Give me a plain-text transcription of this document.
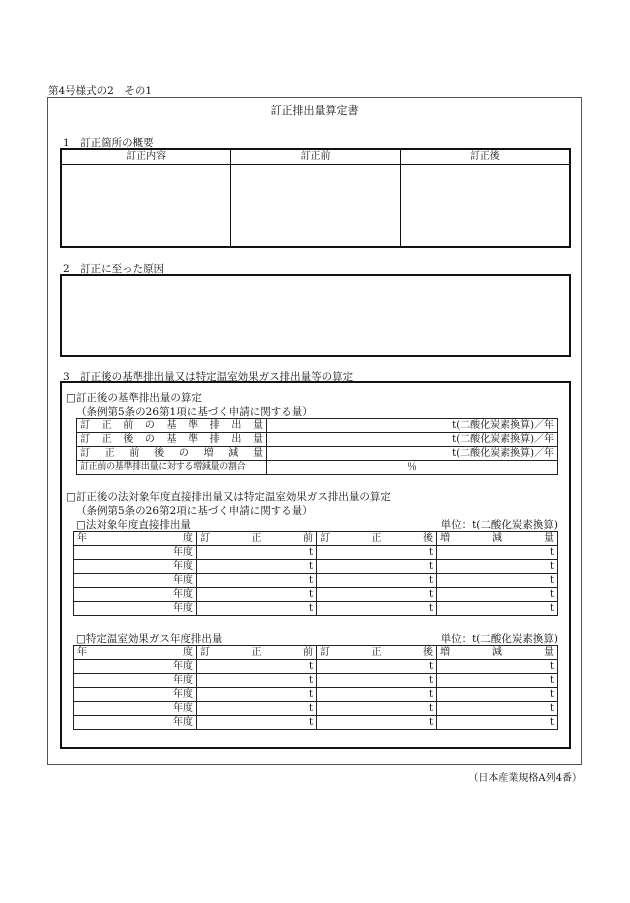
第4号様式の2　その1
訂正排出量算定書
1　訂正箇所の概要
訂正内容	訂正前	訂正後
2　訂正に至った原因
3　訂正後の基準排出量又は特定温室効果ガス排出量等の算定
□訂正後の基準排出量の算定
（条例第5条の26第1項に基づく申請に関する量）
訂正前の基準排出量	t(二酸化炭素換算)／年
訂正後の基準排出量	t(二酸化炭素換算)／年
訂正前後の増減量	t(二酸化炭素換算)／年
訂正前の基準排出量に対する増減量の割合	％
□訂正後の法対象年度直接排出量又は特定温室効果ガス排出量の算定
（条例第5条の26第2項に基づく申請に関する量）
□法対象年度直接排出量	単位：t(二酸化炭素換算)
年 度	訂 正 前	訂 正 後	増 減 量

年度	t	t	t
年度	t	t	t
年度	t	t	t
年度	t	t	t
年度	t	t	t
□特定温室効果ガス年度排出量	単位：t(二酸化炭素換算)
年 度	訂 正 前	訂 正 後	増 減 量

年度	t	t	t
年度	t	t	t
年度	t	t	t
年度	t	t	t
年度	t	t	t
（日本産業規格A列4番）
